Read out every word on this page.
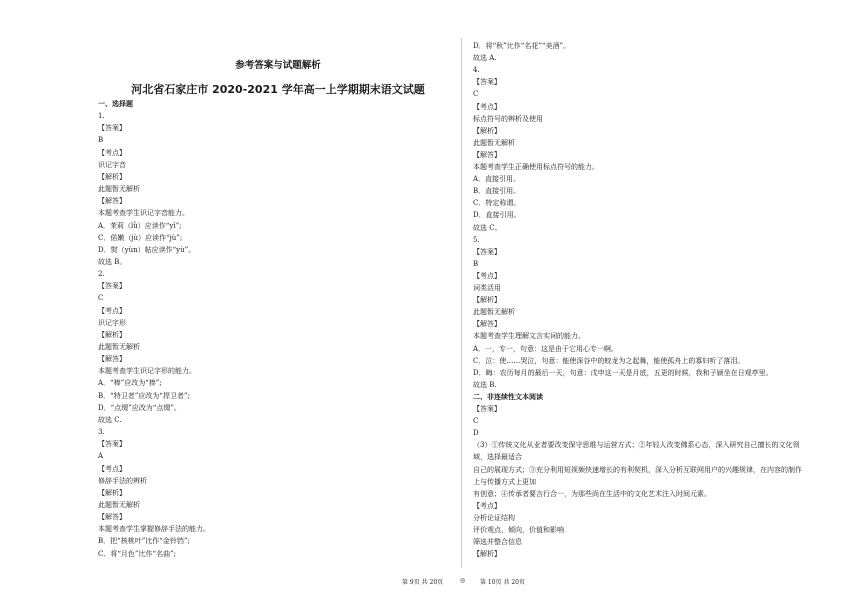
参考答案与试题解析
河北省石家庄市 2020-2021 学年高一上学期期末语文试题
一、选择题
1.
【答案】
B
【考点】
识记字音
【解析】
此题暂无解析
【解答】
本题考查学生识记字音能力。
A．茉莉（lǜ）应读作“yì”;
C．偌嫩（jù）应读作“jù”;
D．熨（yùn）帖应读作“yù”。
故选 B。
2.
【答案】
C
【考点】
识记字形
【解析】
此题暂无解析
【解答】
本题考查学生识记字形的能力。
A．“棒”应改为“捧”;
B．“特卫者”应改为“捍卫者”;
D．“点缀”应改为“点缀”。
故选 C.
3.
【答案】
A
【考点】
修辞手法的辨析
【解析】
此题暂无解析
【解答】
本题考查学生掌握修辞手法的能力。
B．把“核桃叶”比作“金铃铛”;
C．将“月色”比作“名曲”;
D．将“秋”比作“名花”“美酒”。
故选 A.
4.
【答案】
C
【考点】
标点符号的辨析及使用
【解析】
此题暂无解析
【解答】
本题考查学生正确使用标点符号的能力。
A．直接引用。
B．直接引用。
C．特定称谓。
D．直接引用。
故选 C。
5.
【答案】
B
【考点】
词类活用
【解析】
此题暂无解析
【解答】
本题考查学生理解文言实词的能力。
A．一，专一，句意：这是由于它用心专一啊。
C．泣：使……哭泣，句意：能使深谷中的蛟龙为之起舞，能使孤舟上的寡妇听了落泪。
D．晦：农历每月的最后一天，句意：戊申这一天是月底，五更的时候，我和子颍坐在日观亭里。
故选 B.
二、非连续性文本阅读
【答案】
C
D
（3）①传统文化从业者要改变保守思维与运营方式；②年轻人改变佛系心态，深入研究自己擅长的文化领
域，选择最适合
自己的展现方式；③充分利用短视频快速增长的有利契机，深入分析互联网用户的兴趣规律，在内容的制作
上与传播方式上更加
有创意；④传承者要言行合一，为那些尚在生活中的文化艺术注入时间元素。
【考点】
分析论证结构
评价观点，倾向，价值和影响
筛选并整合信息
【解析】
第 9页 共 20页	◎ 第 10页 共 20页
